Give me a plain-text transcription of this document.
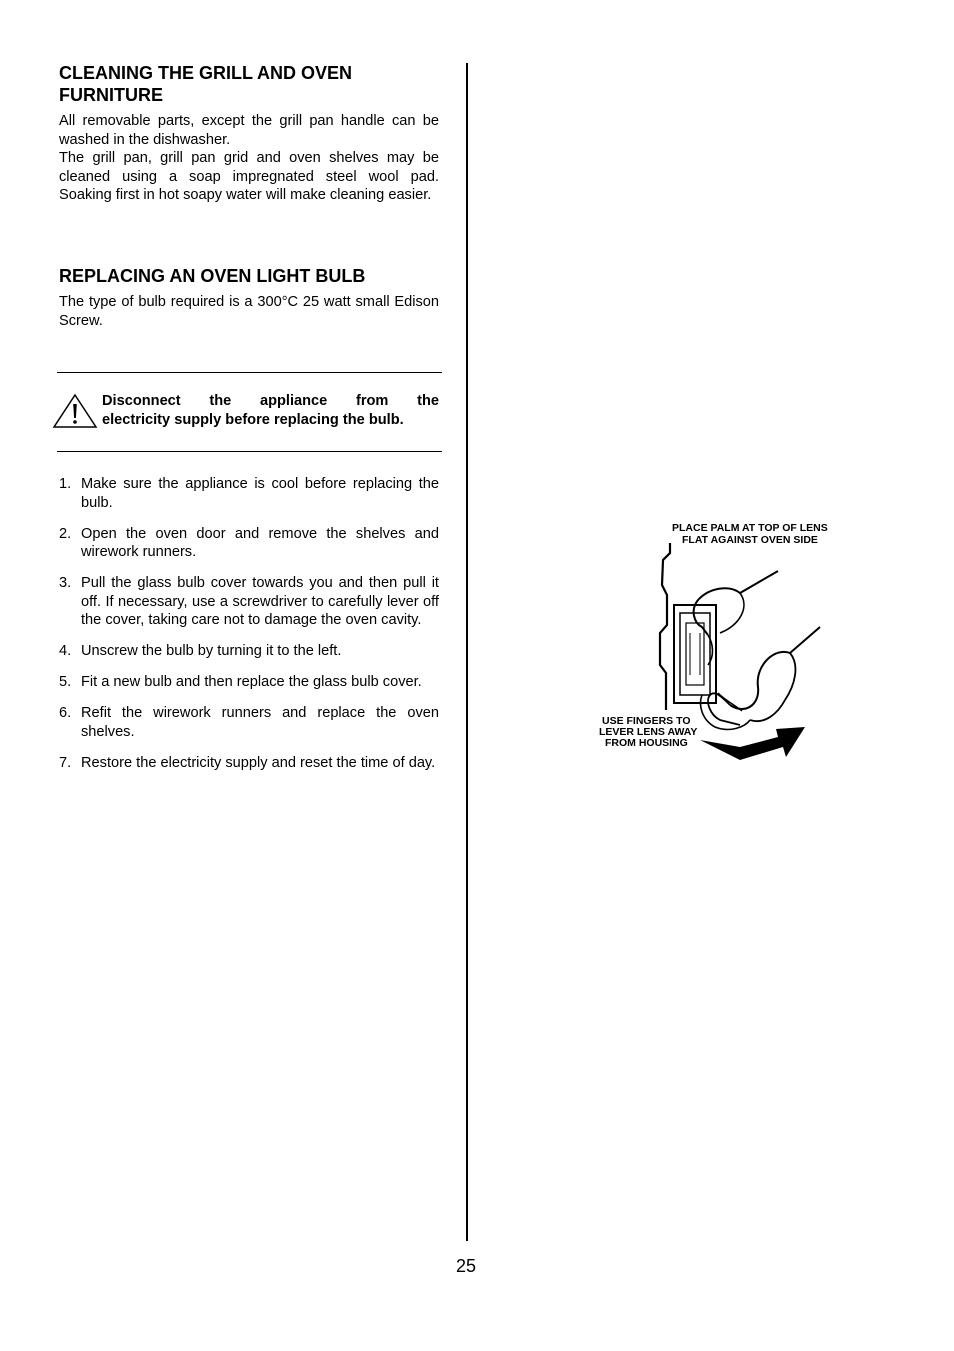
CLEANING THE GRILL AND OVEN
FURNITURE

All removable parts, except the grill pan handle can be washed in the dishwasher.

The grill pan, grill pan grid and oven shelves may be cleaned using a soap impregnated steel wool pad. Soaking first in hot soapy water will make cleaning easier.

REPLACING AN OVEN LIGHT BULB

The type of bulb required is a 300°C 25 watt small Edison Screw.

Disconnect the appliance from the
electricity supply before replacing the bulb.
1. Make sure the appliance is cool before replacing the bulb.
2. Open the oven door and remove the shelves and wirework runners.
3. Pull the glass bulb cover towards you and then pull it off. If necessary, use a screwdriver to carefully lever off the cover, taking care not to damage the oven cavity.
4. Unscrew the bulb by turning it to the left.
5. Fit a new bulb and then replace the glass bulb cover.
6. Refit the wirework runners and replace the oven shelves.
7. Restore the electricity supply and reset the time of day.
PLACE PALM AT TOP OF LENS
FLAT AGAINST OVEN SIDE
USE FINGERS TO
LEVER LENS AWAY
FROM HOUSING
25
